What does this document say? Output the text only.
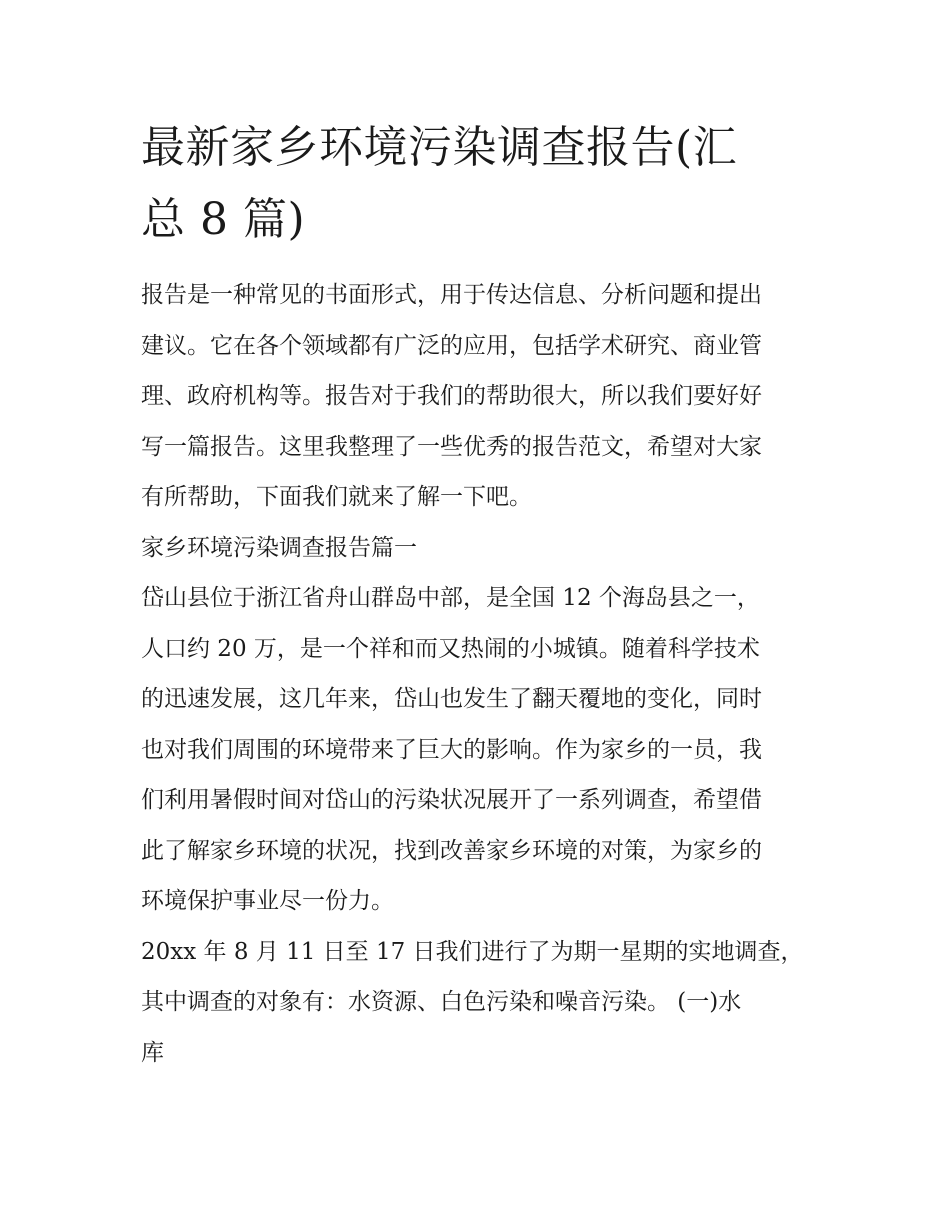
最新家乡环境污染调查报告(汇
总 8 篇)
报告是一种常见的书面形式，用于传达信息、分析问题和提出
建议。它在各个领域都有广泛的应用，包括学术研究、商业管
理、政府机构等。报告对于我们的帮助很大，所以我们要好好
写一篇报告。这里我整理了一些优秀的报告范文，希望对大家
有所帮助，下面我们就来了解一下吧。
家乡环境污染调查报告篇一
岱山县位于浙江省舟山群岛中部，是全国 12 个海岛县之一，
人口约 20 万，是一个祥和而又热闹的小城镇。随着科学技术
的迅速发展，这几年来，岱山也发生了翻天覆地的变化，同时
也对我们周围的环境带来了巨大的影响。作为家乡的一员，我
们利用暑假时间对岱山的污染状况展开了一系列调查，希望借
此了解家乡环境的状况，找到改善家乡环境的对策，为家乡的
环境保护事业尽一份力。
20xx 年 8 月 11 日至 17 日我们进行了为期一星期的实地调查，
其中调查的对象有：水资源、白色污染和噪音污染。 (一)水
库
